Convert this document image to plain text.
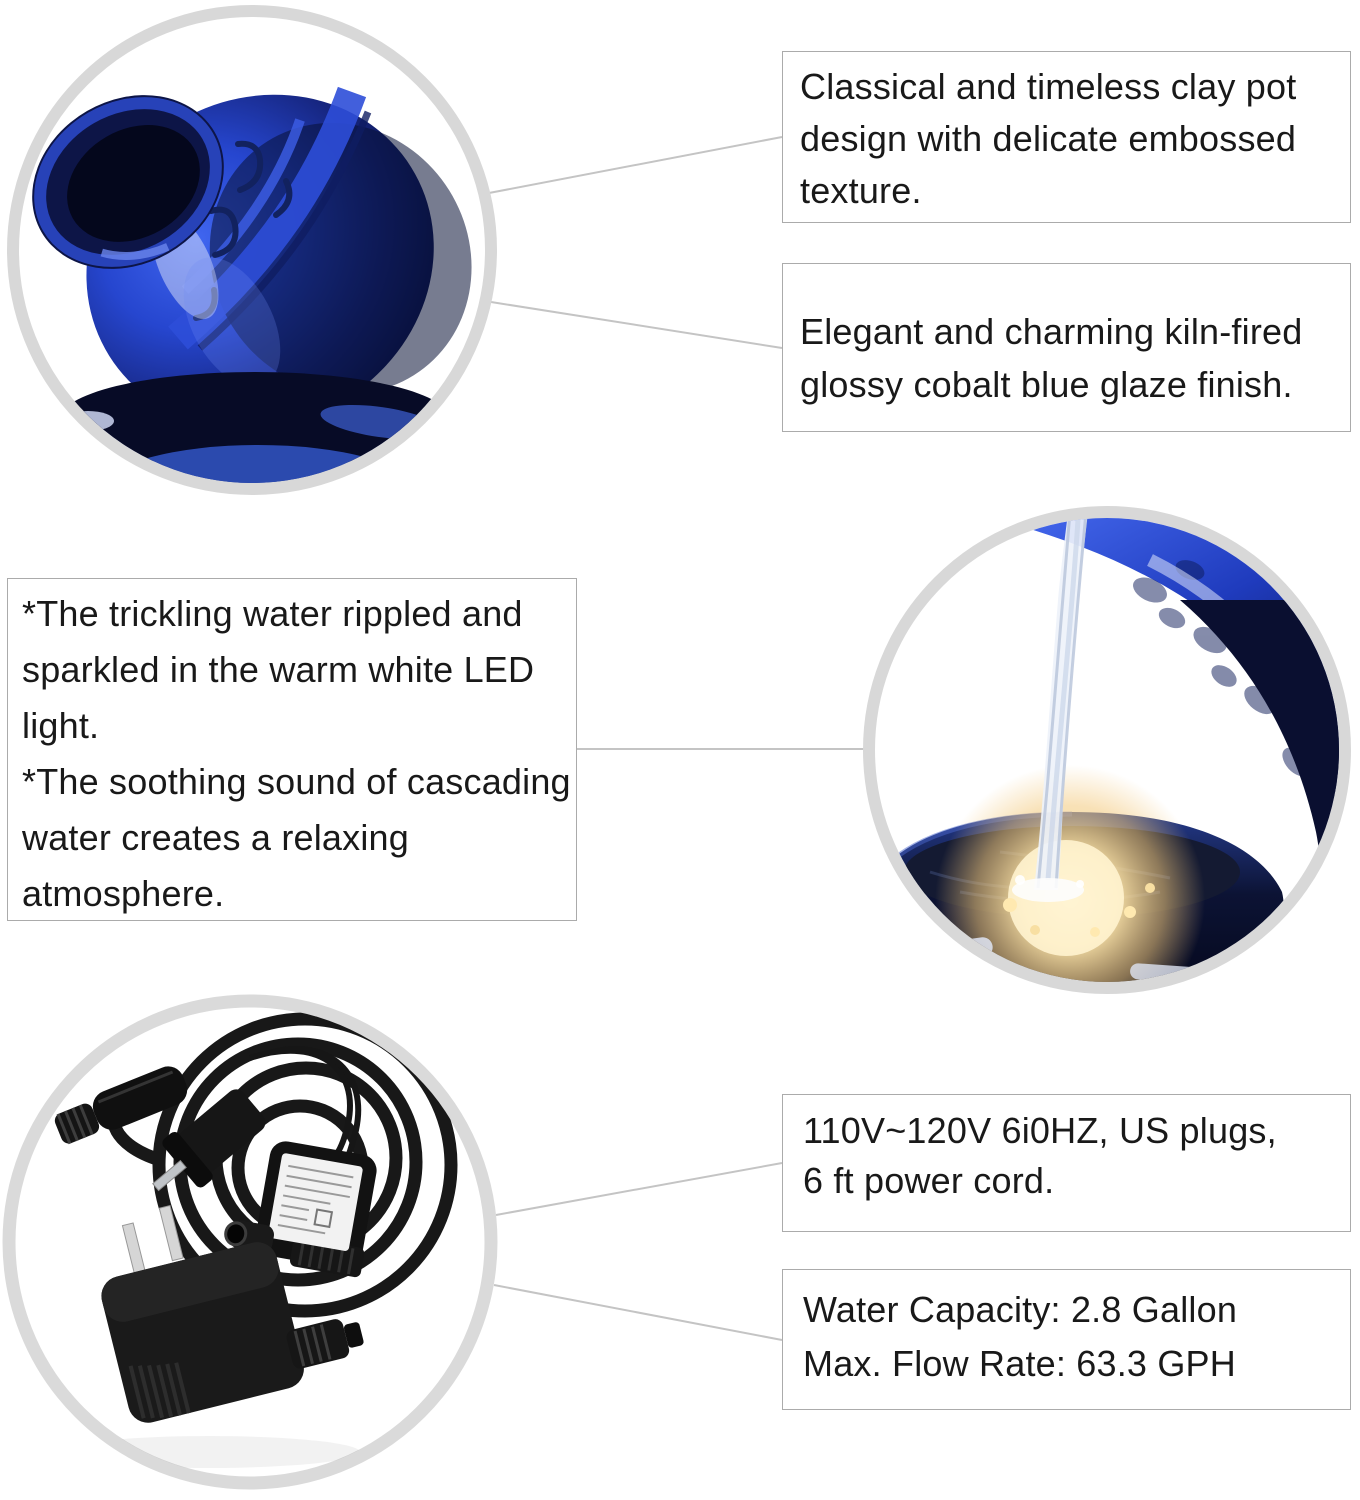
Classical and timeless clay pot
design with delicate embossed
texture.
Elegant and charming kiln-fired
glossy cobalt blue glaze finish.
*The trickling water rippled and
sparkled in the warm white LED
light.
*The soothing sound of cascading
water creates a relaxing
atmosphere.
110V~120V 6i0HZ, US plugs,
6 ft power cord.
Water Capacity: 2.8 Gallon
Max. Flow Rate: 63.3 GPH
